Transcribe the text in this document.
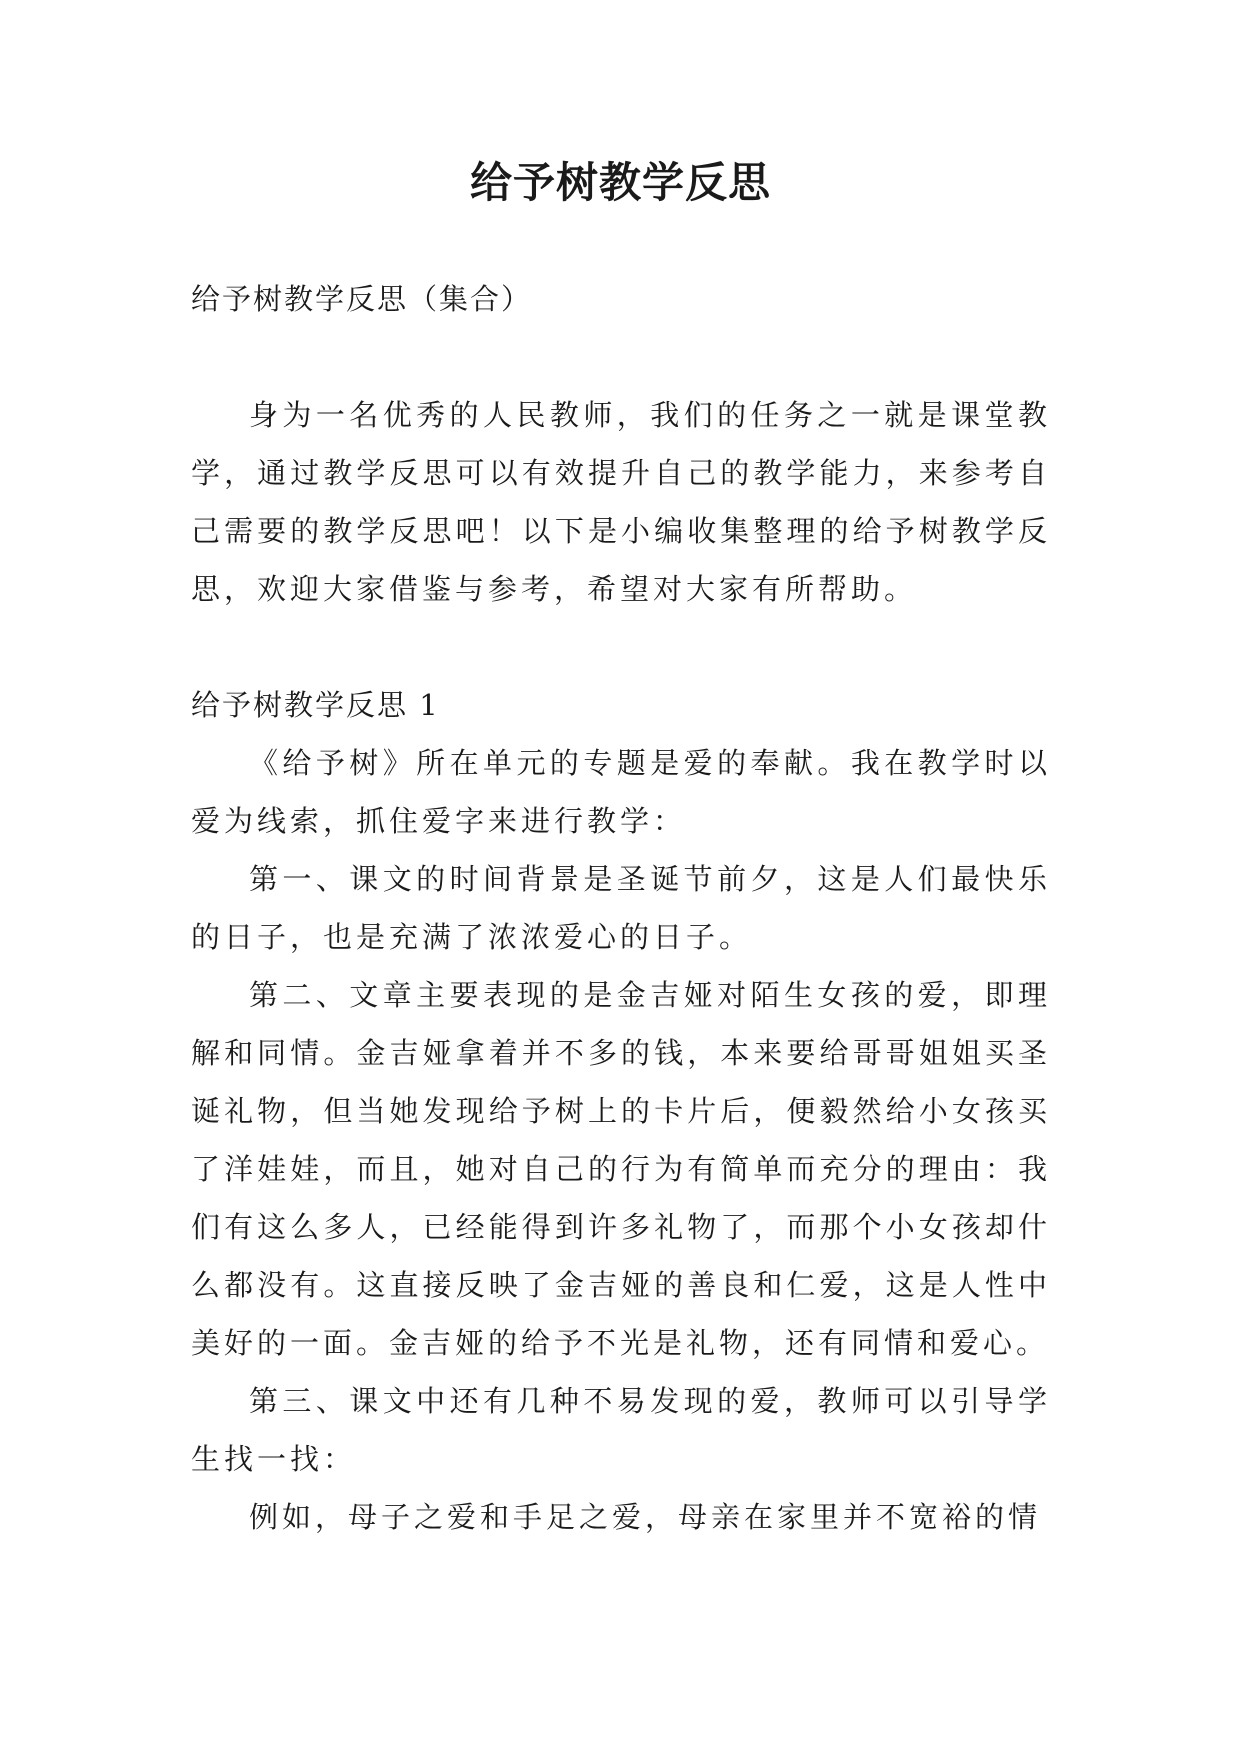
给予树教学反思

给予树教学反思（集合）

身为一名优秀的人民教师，我们的任务之一就是课堂教学，通过教学反思可以有效提升自己的教学能力，来参考自己需要的教学反思吧！以下是小编收集整理的给予树教学反思，欢迎大家借鉴与参考，希望对大家有所帮助。

给予树教学反思 1

《给予树》所在单元的专题是爱的奉献。我在教学时以爱为线索，抓住爱字来进行教学：

第一、课文的时间背景是圣诞节前夕，这是人们最快乐的日子，也是充满了浓浓爱心的日子。

第二、文章主要表现的是金吉娅对陌生女孩的爱，即理解和同情。金吉娅拿着并不多的钱，本来要给哥哥姐姐买圣诞礼物，但当她发现给予树上的卡片后，便毅然给小女孩买了洋娃娃，而且，她对自己的行为有简单而充分的理由：我们有这么多人，已经能得到许多礼物了，而那个小女孩却什么都没有。这直接反映了金吉娅的善良和仁爱，这是人性中美好的一面。金吉娅的给予不光是礼物，还有同情和爱心。

第三、课文中还有几种不易发现的爱，教师可以引导学生找一找：

例如，母子之爱和手足之爱，母亲在家里并不宽裕的情
